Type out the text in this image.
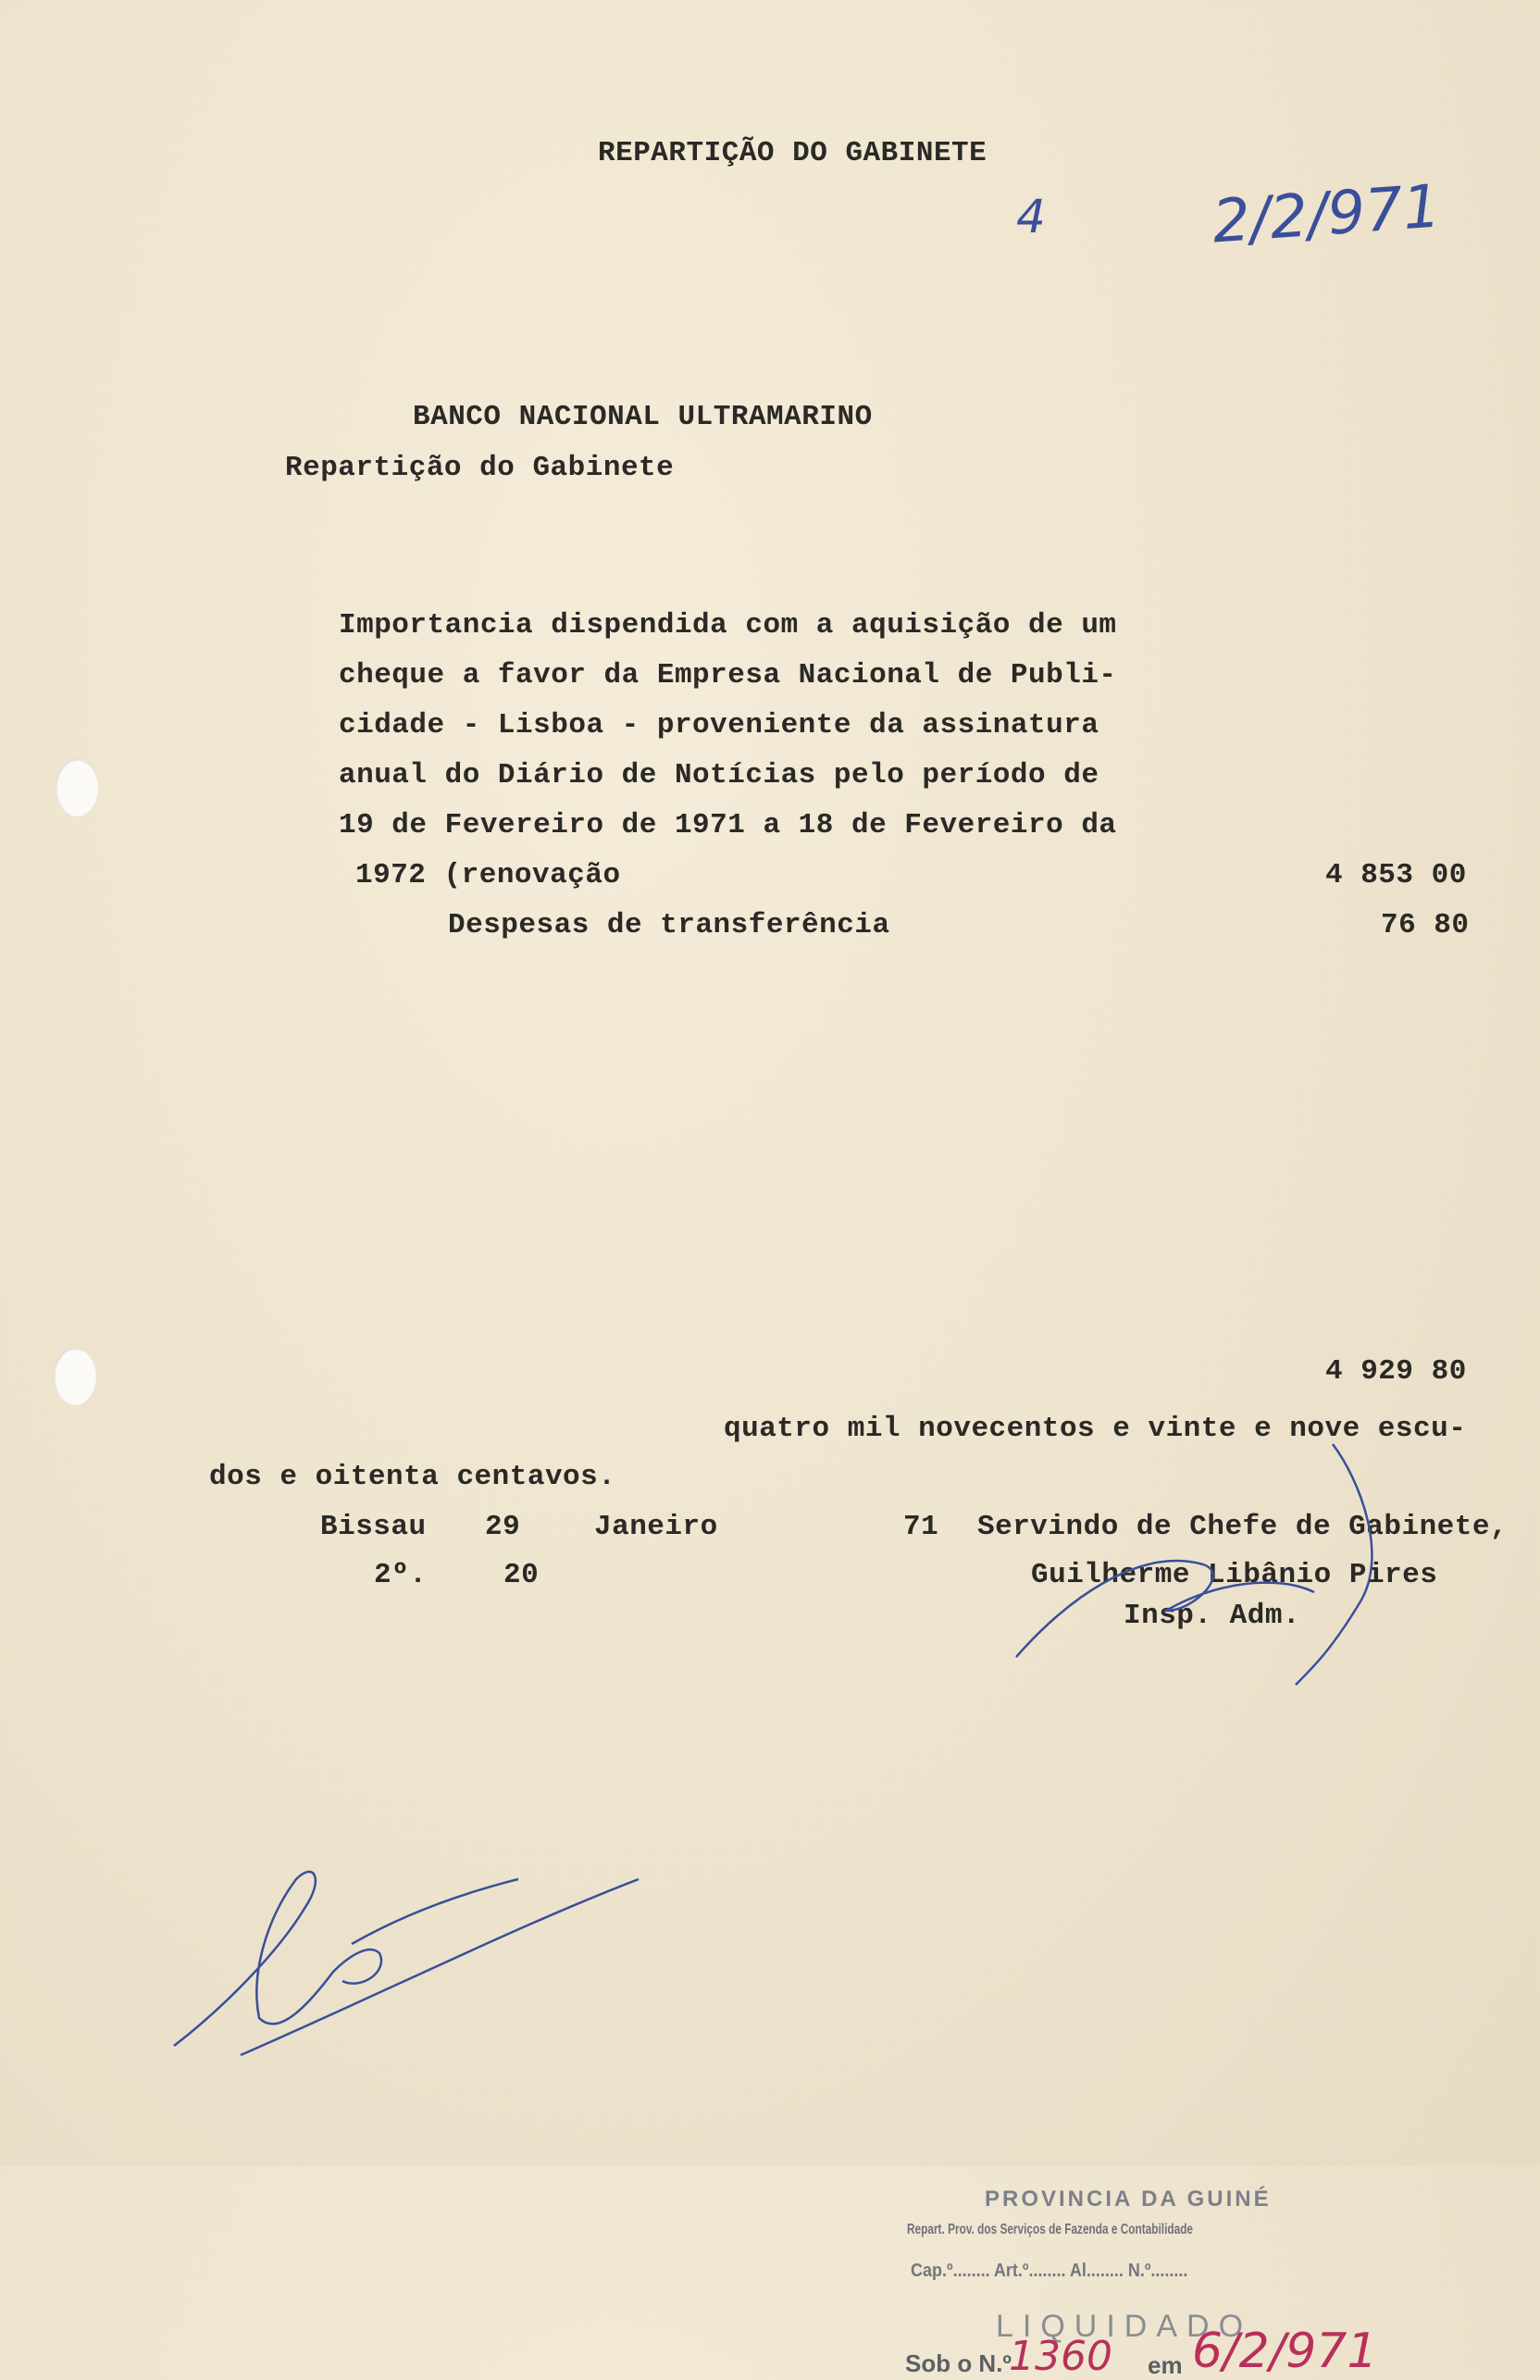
REPARTIÇÃO DO GABINETE
4	2/2/971
BANCO NACIONAL ULTRAMARINO
Repartição do Gabinete
Importancia dispendida com a aquisição de um
cheque a favor da Empresa Nacional de Publi-
cidade - Lisboa - proveniente da assinatura
anual do Diário de Notícias pelo período de
19 de Fevereiro de 1971 a 18 de Fevereiro da
1972 (renovação	4 853 00
Despesas de transferência	76 80
4 929 80
quatro mil novecentos e vinte e nove escu-
dos e oitenta centavos.
Bissau 29	Janeiro	71
2º.	20
Servindo de Chefe de Gabinete,
Guilherme Libânio Pires
Insp. Adm.
PROVINCIA DA GUINÉ
Repart. Prov. dos Serviços de Fazenda e Contabilidade
Cap.º........ Art.º........ Al........ N.º........
LIQUIDADO
Sob o N.º
1360 em 6/2/971
